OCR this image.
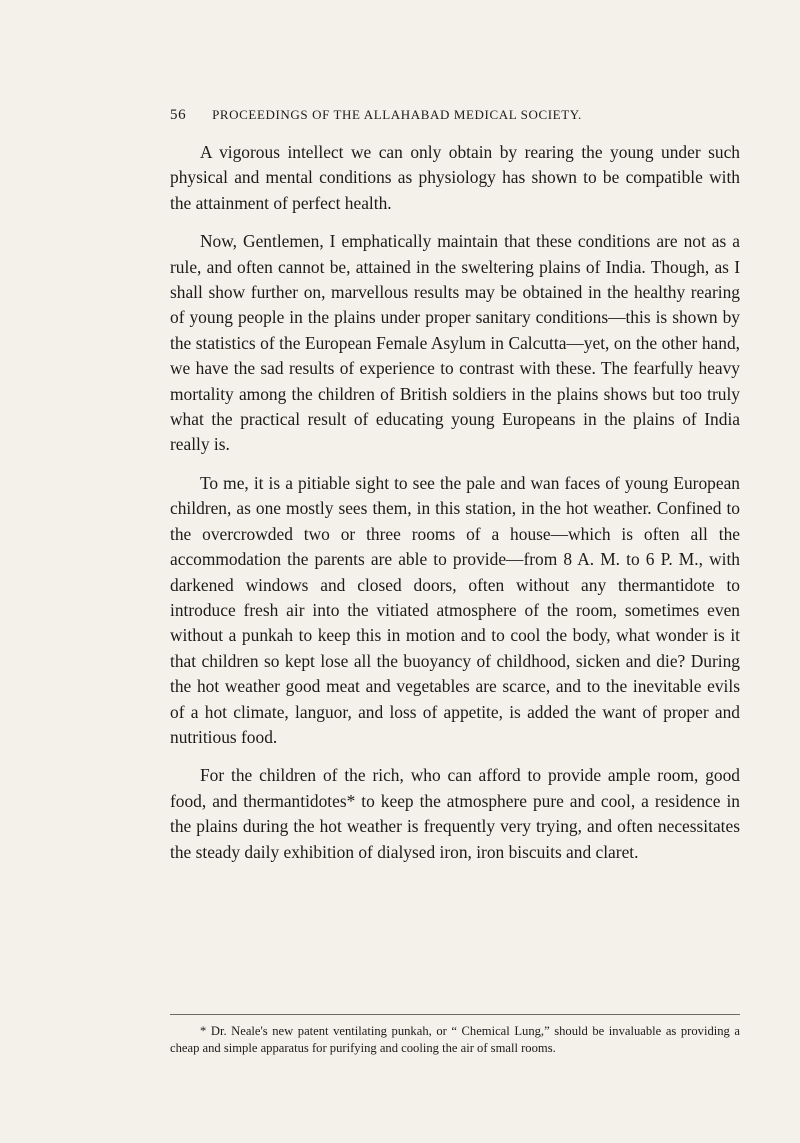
56 PROCEEDINGS OF THE ALLAHABAD MEDICAL SOCIETY.

A vigorous intellect we can only obtain by rearing the young under such physical and mental conditions as physiology has shown to be compatible with the attainment of perfect health.

Now, Gentlemen, I emphatically maintain that these conditions are not as a rule, and often cannot be, attained in the sweltering plains of India. Though, as I shall show further on, marvellous results may be obtained in the healthy rearing of young people in the plains under proper sanitary conditions—this is shown by the statistics of the European Female Asylum in Calcutta—yet, on the other hand, we have the sad results of experience to contrast with these. The fearfully heavy mortality among the children of British soldiers in the plains shows but too truly what the practical result of educating young Europeans in the plains of India really is.

To me, it is a pitiable sight to see the pale and wan faces of young European children, as one mostly sees them, in this station, in the hot weather. Confined to the overcrowded two or three rooms of a house—which is often all the accommodation the parents are able to provide—from 8 A. M. to 6 P. M., with darkened windows and closed doors, often without any thermantidote to introduce fresh air into the vitiated atmosphere of the room, sometimes even without a punkah to keep this in motion and to cool the body, what wonder is it that children so kept lose all the buoyancy of childhood, sicken and die? During the hot weather good meat and vegetables are scarce, and to the inevitable evils of a hot climate, languor, and loss of appetite, is added the want of proper and nutritious food.

For the children of the rich, who can afford to provide ample room, good food, and thermantidotes* to keep the atmosphere pure and cool, a residence in the plains during the hot weather is frequently very trying, and often necessitates the steady daily exhibition of dialysed iron, iron biscuits and claret.

* Dr. Neale's new patent ventilating punkah, or “ Chemical Lung,” should be invaluable as providing a cheap and simple apparatus for purifying and cooling the air of small rooms.
